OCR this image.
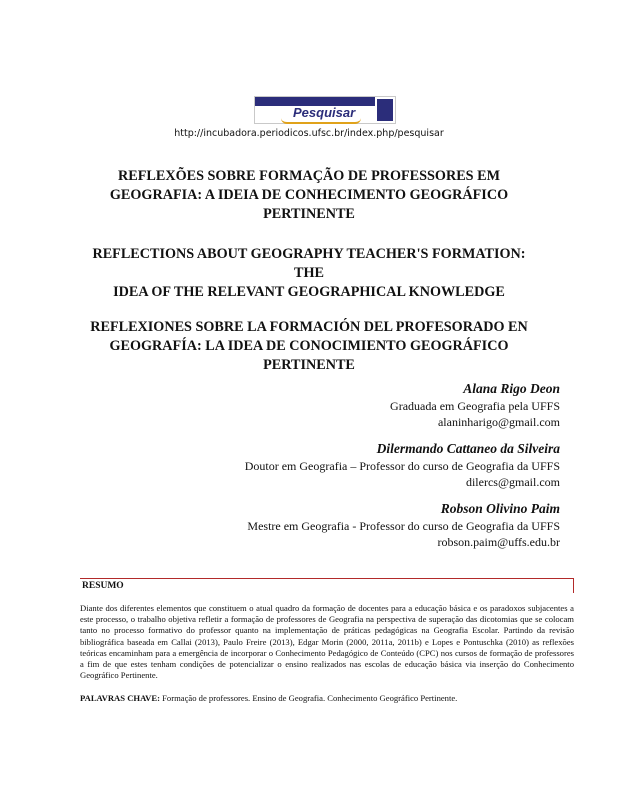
Pesquisar
http://incubadora.periodicos.ufsc.br/index.php/pesquisar
REFLEXÕES SOBRE FORMAÇÃO DE PROFESSORES EM
GEOGRAFIA: A IDEIA DE CONHECIMENTO GEOGRÁFICO
PERTINENTE
REFLECTIONS ABOUT GEOGRAPHY TEACHER'S FORMATION: THE
IDEA OF THE RELEVANT GEOGRAPHICAL KNOWLEDGE
REFLEXIONES SOBRE LA FORMACIÓN DEL PROFESORADO EN
GEOGRAFÍA: LA IDEA DE CONOCIMIENTO GEOGRÁFICO
PERTINENTE
Alana Rigo Deon
Graduada em Geografia pela UFFS
alaninharigo@gmail.com
Dilermando Cattaneo da Silveira
Doutor em Geografia – Professor do curso de Geografia da UFFS
dilercs@gmail.com
Robson Olivino Paim
Mestre em Geografia - Professor do curso de Geografia da UFFS
robson.paim@uffs.edu.br
RESUMO

Diante dos diferentes elementos que constituem o atual quadro da formação de docentes para a educação básica e os paradoxos subjacentes a este processo, o trabalho objetiva refletir a formação de professores de Geografia na perspectiva de superação das dicotomias que se colocam tanto no processo formativo do professor quanto na implementação de práticas pedagógicas na Geografia Escolar. Partindo da revisão bibliográfica baseada em Callai (2013), Paulo Freire (2013), Edgar Morin (2000, 2011a, 2011b) e Lopes e Pontuschka (2010) as reflexões teóricas encaminham para a emergência de incorporar o Conhecimento Pedagógico de Conteúdo (CPC) nos cursos de formação de professores a fim de que estes tenham condições de potencializar o ensino realizados nas escolas de educação básica via inserção do Conhecimento Geográfico Pertinente.

PALAVRAS CHAVE: Formação de professores. Ensino de Geografia. Conhecimento Geográfico Pertinente.
